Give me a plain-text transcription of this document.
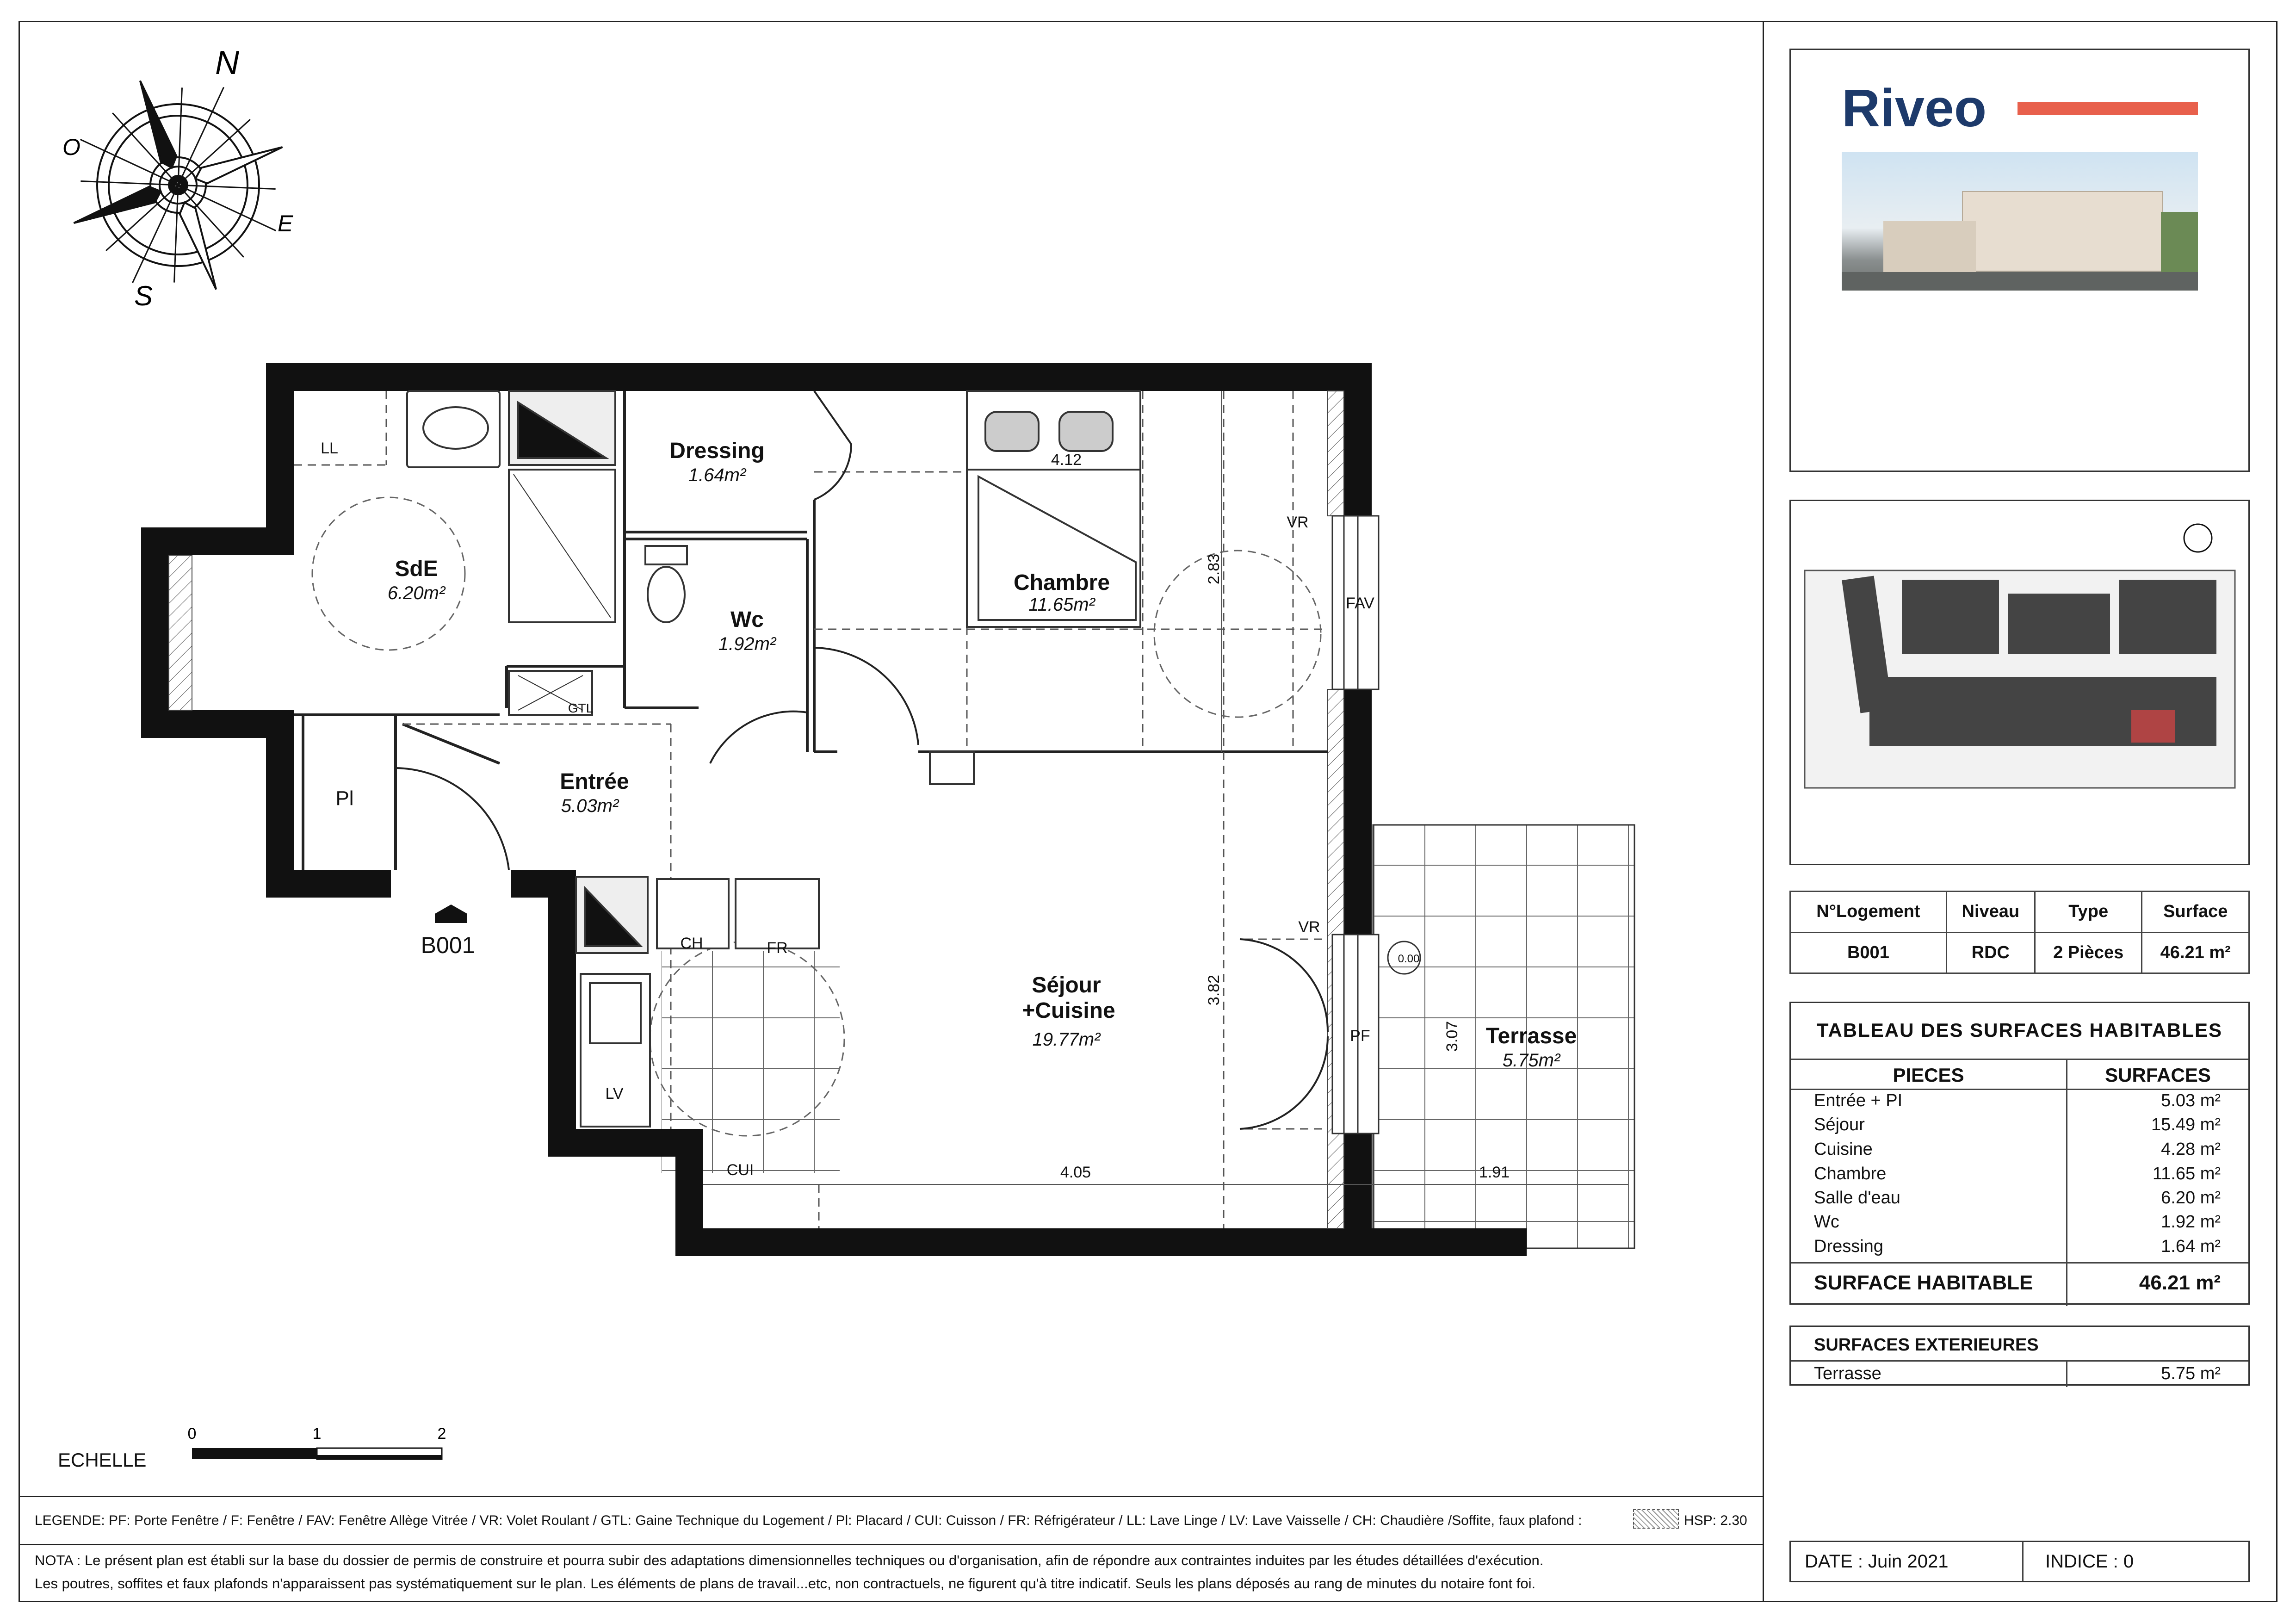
N
O
E
S
SdE
6.20m²
Dressing
1.64m²
Wc
1.92m²
Chambre
11.65m²
Entrée
5.03m²
Séjour
+Cuisine
19.77m²	Terrasse
5.75m²
LL
Pl
GTL
VR
FAV
VR
PF
CH	FR
LV
CUI
0.00
4.12
4.05	1.91
2.83
3.82
3.07
B001
ECHELLE
0	1	2
Riveo
N°Logement	Niveau	Type	Surface
B001	RDC	2 Pièces	46.21 m²
TABLEAU DES SURFACES HABITABLES
PIECES	SURFACES
Entrée + PI	5.03 m²
Séjour	15.49 m²
Cuisine	4.28 m²
Chambre	11.65 m²
Salle d'eau	6.20 m²
Wc	1.92 m²
Dressing	1.64 m²
SURFACE HABITABLE	46.21 m²
SURFACES EXTERIEURES
Terrasse	5.75 m²
DATE : Juin 2021	INDICE : 0
LEGENDE: PF: Porte Fenêtre / F: Fenêtre / FAV: Fenêtre Allège Vitrée / VR: Volet Roulant / GTL: Gaine Technique du Logement / Pl: Placard / CUI: Cuisson / FR: Réfrigérateur / LL: Lave Linge / LV: Lave Vaisselle / CH: Chaudière /Soffite, faux plafond :	HSP: 2.30
NOTA : Le présent plan est établi sur la base du dossier de permis de construire et pourra subir des adaptations dimensionnelles techniques ou d'organisation, afin de répondre aux contraintes induites par les études détaillées d'exécution.
Les poutres, soffites et faux plafonds n'apparaissent pas systématiquement sur le plan. Les éléments de plans de travail...etc, non contractuels, ne figurent qu'à titre indicatif. Seuls les plans déposés au rang de minutes du notaire font foi.
